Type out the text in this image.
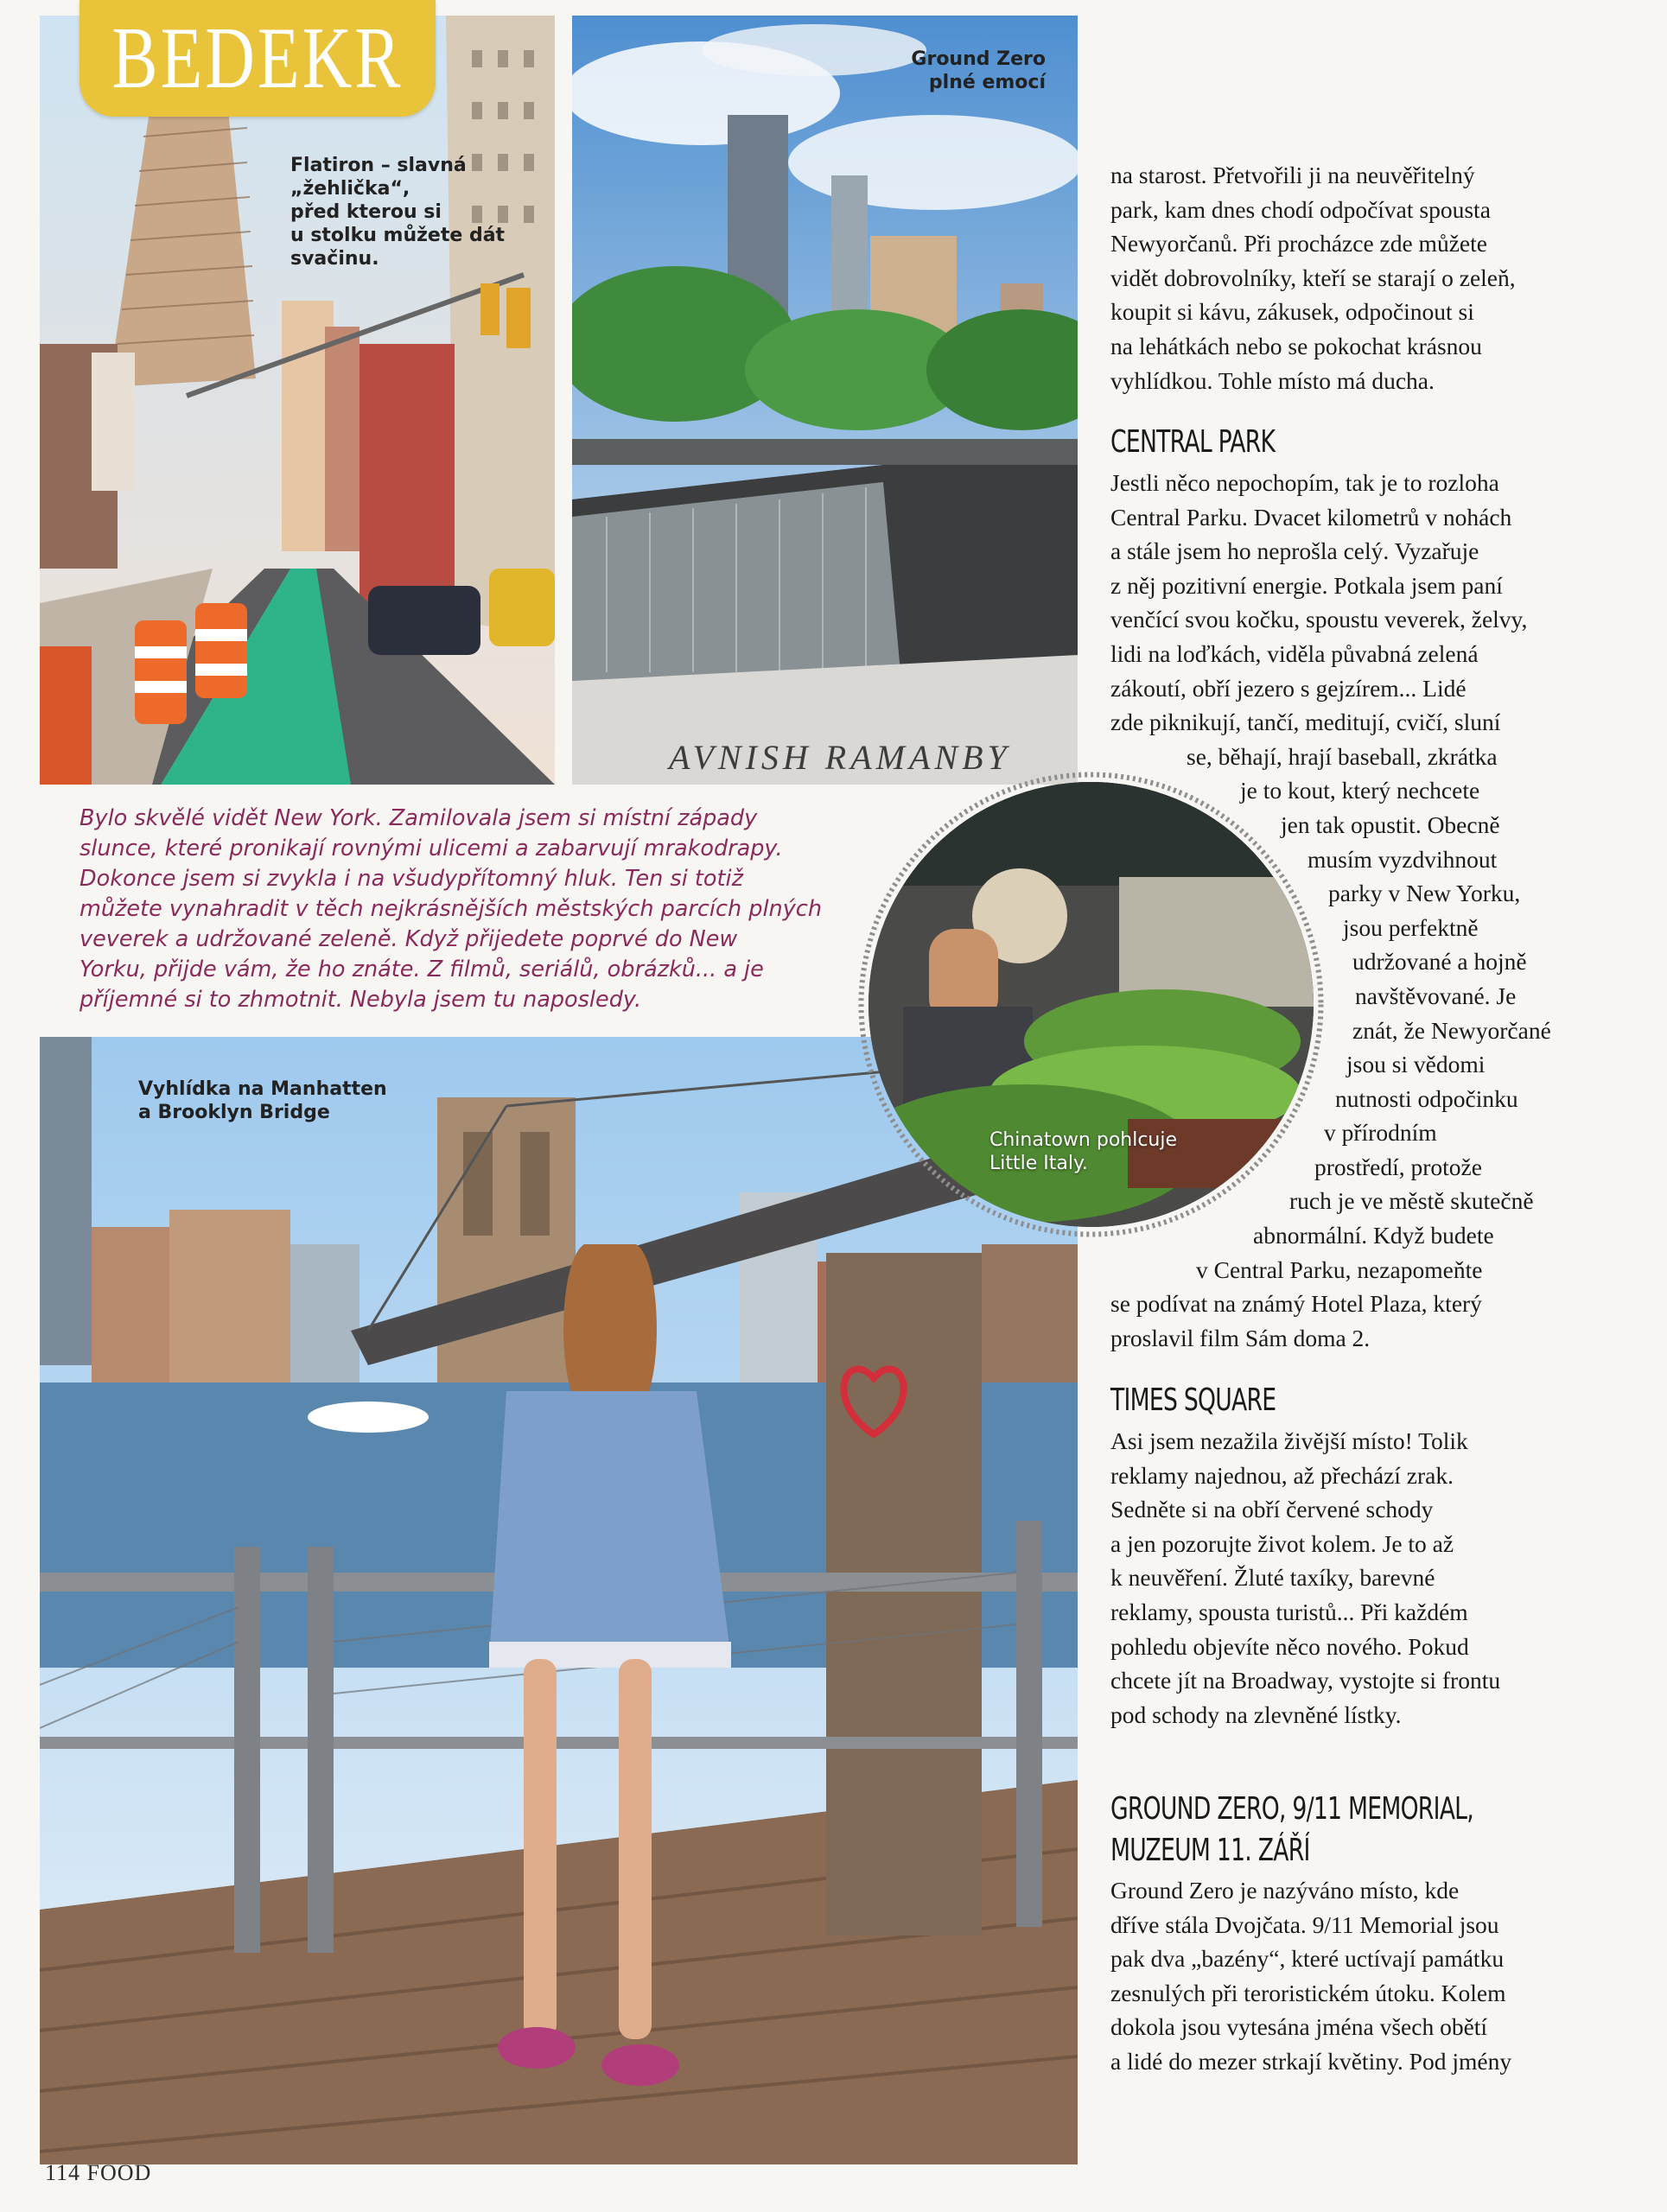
AVNISH RAMANBY
BEDEKR
Flatiron – slavná
„žehlička“,
před kterou si
u stolku můžete dát
svačinu.
Ground Zero
plné emocí
Vyhlídka na Manhatten
a Brooklyn Bridge
Chinatown pohlcuje
Little Italy.
Bylo skvělé vidět New York. Zamilovala jsem si místní západy
slunce, které pronikají rovnými ulicemi a zabarvují mrakodrapy.
Dokonce jsem si zvykla i na všudypřítomný hluk. Ten si totiž
můžete vynahradit v těch nejkrásnějších městských parcích plných
veverek a udržované zeleně. Když přijedete poprvé do New
Yorku, přijde vám, že ho znáte. Z filmů, seriálů, obrázků... a je
příjemné si to zhmotnit. Nebyla jsem tu naposledy.

na starost. Přetvořili ji na neuvěřitelný

park, kam dnes chodí odpočívat spousta

Newyorčanů. Při procházce zde můžete

vidět dobrovolníky, kteří se starají o zeleň,

koupit si kávu, zákusek, odpočinout si

na lehátkách nebo se pokochat krásnou

vyhlídkou. Tohle místo má ducha.

CENTRAL PARK

Jestli něco nepochopím, tak je to rozloha

Central Parku. Dvacet kilometrů v nohách

a stále jsem ho neprošla celý. Vyzařuje

z něj pozitivní energie. Potkala jsem paní

venčící svou kočku, spoustu veverek, želvy,

lidi na loďkách, viděla půvabná zelená

zákoutí, obří jezero s gejzírem... Lidé

zde piknikují, tančí, meditují, cvičí, sluní

se, běhají, hrají baseball, zkrátka

je to kout, který nechcete

jen tak opustit. Obecně

musím vyzdvihnout

parky v New Yorku,

jsou perfektně

udržované a hojně

navštěvované. Je

znát, že Newyorčané

jsou si vědomi

nutnosti odpočinku

v přírodním

prostředí, protože

ruch je ve městě skutečně

abnormální. Když budete

v Central Parku, nezapomeňte

se podívat na známý Hotel Plaza, který

proslavil film Sám doma 2.

TIMES SQUARE

Asi jsem nezažila živější místo! Tolik

reklamy najednou, až přechází zrak.

Sedněte si na obří červené schody

a jen pozorujte život kolem. Je to až

k neuvěření. Žluté taxíky, barevné

reklamy, spousta turistů... Při každém

pohledu objevíte něco nového. Pokud

chcete jít na Broadway, vystojte si frontu

pod schody na zlevněné lístky.

GROUND ZERO, 9/11 MEMORIAL,

MUZEUM 11. ZÁŘÍ

Ground Zero je nazýváno místo, kde

dříve stála Dvojčata. 9/11 Memorial jsou

pak dva „bazény“, které uctívají památku

zesnulých při teroristickém útoku. Kolem

dokola jsou vytesána jména všech obětí

a lidé do mezer strkají květiny. Pod jmény

114 FOOD
